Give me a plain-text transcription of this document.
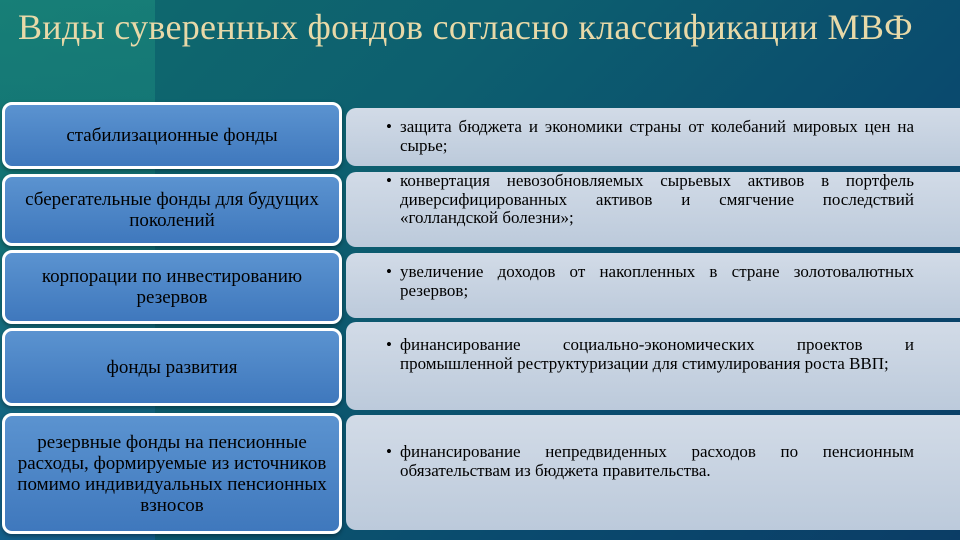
Виды суверенных фондов согласно классификации МВФ
стабилизационные фонды	• защита бюджета и экономики страны от колебаний мировых цен на сырье;
сберегательные фонды для будущих поколений
• конвертация невозобновляемых сырьевых активов в портфель диверсифицированных активов и смягчение последствий «голландской болезни»;
корпорации по инвестированию резервов
• увеличение доходов от накопленных в стране золотовалютных резервов;
фонды развития
• финансирование социально-экономических проектов и промышленной реструктуризации для стимулирования роста ВВП;
резервные фонды на пенсионные расходы, формируемые из источников помимо индивидуальных пенсионных взносов
• финансирование непредвиденных расходов по пенсионным обязательствам из бюджета правительства.
